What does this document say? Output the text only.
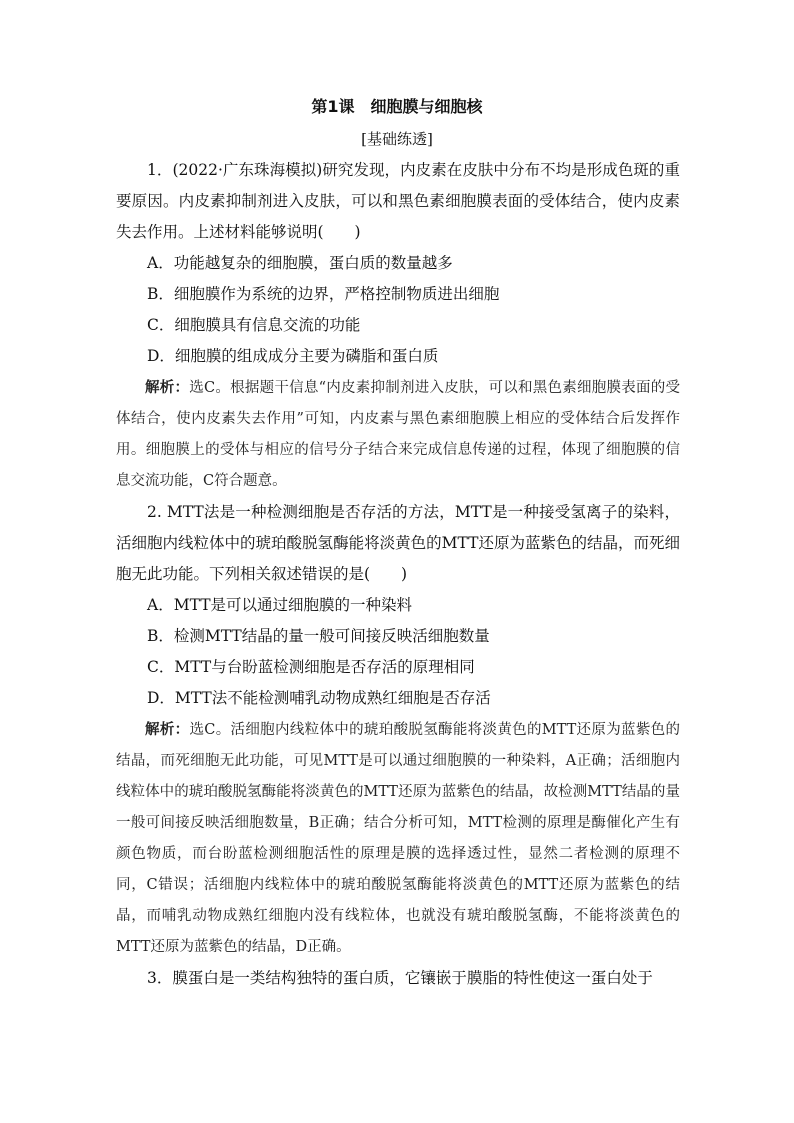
第1课　细胞膜与细胞核
[基础练透]

1．(2022·广东珠海模拟)研究发现，内皮素在皮肤中分布不均是形成色斑的重要原因。内皮素抑制剂进入皮肤，可以和黑色素细胞膜表面的受体结合，使内皮素失去作用。上述材料能够说明(　　)

A．功能越复杂的细胞膜，蛋白质的数量越多

B．细胞膜作为系统的边界，严格控制物质进出细胞

C．细胞膜具有信息交流的功能

D．细胞膜的组成成分主要为磷脂和蛋白质

解析：选C。根据题干信息“内皮素抑制剂进入皮肤，可以和黑色素细胞膜表面的受体结合，使内皮素失去作用”可知，内皮素与黑色素细胞膜上相应的受体结合后发挥作用。细胞膜上的受体与相应的信号分子结合来完成信息传递的过程，体现了细胞膜的信息交流功能，C符合题意。

2. MTT法是一种检测细胞是否存活的方法，MTT是一种接受氢离子的染料，活细胞内线粒体中的琥珀酸脱氢酶能将淡黄色的MTT还原为蓝紫色的结晶，而死细胞无此功能。下列相关叙述错误的是(　　)

A．MTT是可以通过细胞膜的一种染料

B．检测MTT结晶的量一般可间接反映活细胞数量

C．MTT与台盼蓝检测细胞是否存活的原理相同

D．MTT法不能检测哺乳动物成熟红细胞是否存活

解析：选C。活细胞内线粒体中的琥珀酸脱氢酶能将淡黄色的MTT还原为蓝紫色的结晶，而死细胞无此功能，可见MTT是可以通过细胞膜的一种染料，A正确；活细胞内线粒体中的琥珀酸脱氢酶能将淡黄色的MTT还原为蓝紫色的结晶，故检测MTT结晶的量一般可间接反映活细胞数量，B正确；结合分析可知，MTT检测的原理是酶催化产生有颜色物质，而台盼蓝检测细胞活性的原理是膜的选择透过性，显然二者检测的原理不同，C错误；活细胞内线粒体中的琥珀酸脱氢酶能将淡黄色的MTT还原为蓝紫色的结晶，而哺乳动物成熟红细胞内没有线粒体，也就没有琥珀酸脱氢酶，不能将淡黄色的MTT还原为蓝紫色的结晶，D正确。

3．膜蛋白是一类结构独特的蛋白质，它镶嵌于膜脂的特性使这一蛋白处于
